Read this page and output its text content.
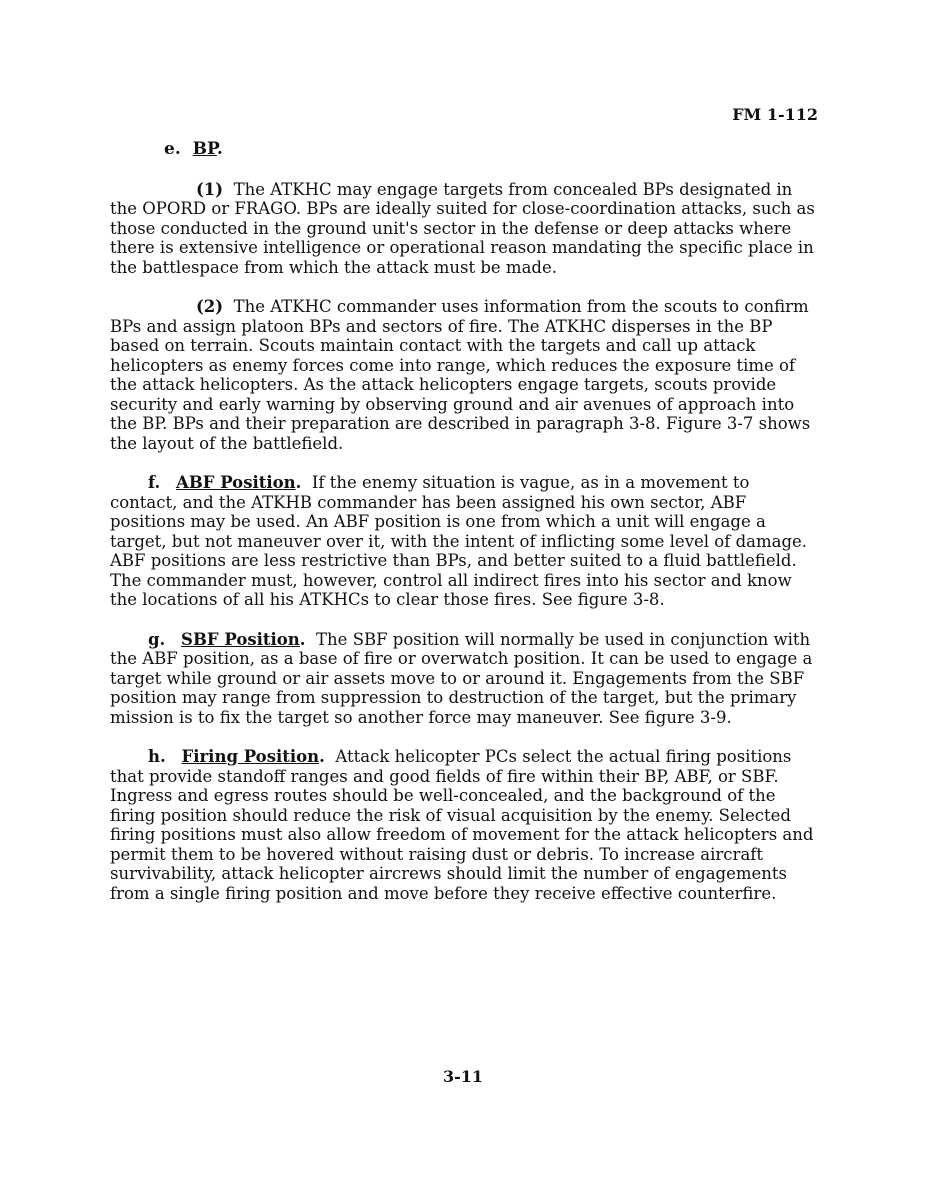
FM 1-112
e. BP.

(1) The ATKHC may engage targets from concealed BPs designated in the OPORD or FRAGO. BPs are ideally suited for close-coordination attacks, such as those conducted in the ground unit's sector in the defense or deep attacks where there is extensive intelligence or operational reason mandating the specific place in the battlespace from which the attack must be made.

(2) The ATKHC commander uses information from the scouts to confirm BPs and assign platoon BPs and sectors of fire. The ATKHC disperses in the BP based on terrain. Scouts maintain contact with the targets and call up attack helicopters as enemy forces come into range, which reduces the exposure time of the attack helicopters. As the attack helicopters engage targets, scouts provide security and early warning by observing ground and air avenues of approach into the BP. BPs and their preparation are described in paragraph 3-8. Figure 3-7 shows the layout of the battlefield.

f. ABF Position. If the enemy situation is vague, as in a movement to contact, and the ATKHB commander has been assigned his own sector, ABF positions may be used. An ABF position is one from which a unit will engage a target, but not maneuver over it, with the intent of inflicting some level of damage. ABF positions are less restrictive than BPs, and better suited to a fluid battlefield. The commander must, however, control all indirect fires into his sector and know the locations of all his ATKHCs to clear those fires. See figure 3-8.

g. SBF Position. The SBF position will normally be used in conjunction with the ABF position, as a base of fire or overwatch position. It can be used to engage a target while ground or air assets move to or around it. Engagements from the SBF position may range from suppression to destruction of the target, but the primary mission is to fix the target so another force may maneuver. See figure 3-9.

h. Firing Position. Attack helicopter PCs select the actual firing positions that provide standoff ranges and good fields of fire within their BP, ABF, or SBF. Ingress and egress routes should be well-concealed, and the background of the firing position should reduce the risk of visual acquisition by the enemy. Selected firing positions must also allow freedom of movement for the attack helicopters and permit them to be hovered without raising dust or debris. To increase aircraft survivability, attack helicopter aircrews should limit the number of engagements from a single firing position and move before they receive effective counterfire.

3-11
